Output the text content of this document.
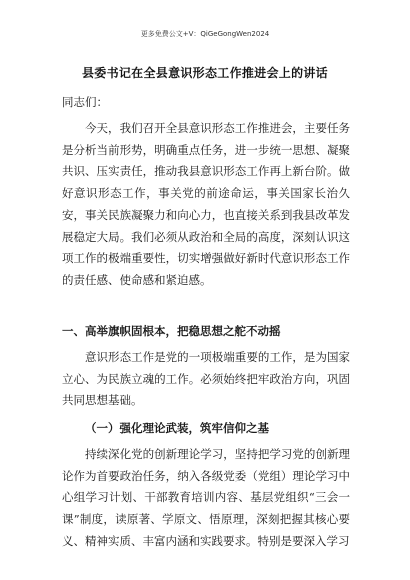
更多免费公文+V：QiGeGongWen2024
县委书记在全县意识形态工作推进会上的讲话
同志们：

今天，我们召开全县意识形态工作推进会，主要任务是分析当前形势，明确重点任务，进一步统一思想、凝聚共识、压实责任，推动我县意识形态工作再上新台阶。做好意识形态工作，事关党的前途命运，事关国家长治久安，事关民族凝聚力和向心力，也直接关系到我县改革发展稳定大局。我们必须从政治和全局的高度，深刻认识这项工作的极端重要性，切实增强做好新时代意识形态工作的责任感、使命感和紧迫感。

一、高举旗帜固根本，把稳思想之舵不动摇

意识形态工作是党的一项极端重要的工作，是为国家立心、为民族立魂的工作。必须始终把牢政治方向，巩固共同思想基础。

（一）强化理论武装，筑牢信仰之基

持续深化党的创新理论学习，坚持把学习党的创新理论作为首要政治任务，纳入各级党委（党组）理论学习中心组学习计划、干部教育培训内容、基层党组织“三会一课”制度，读原著、学原文、悟原理，深刻把握其核心要义、精神实质、丰富内涵和实践要求。特别是要深入学习
